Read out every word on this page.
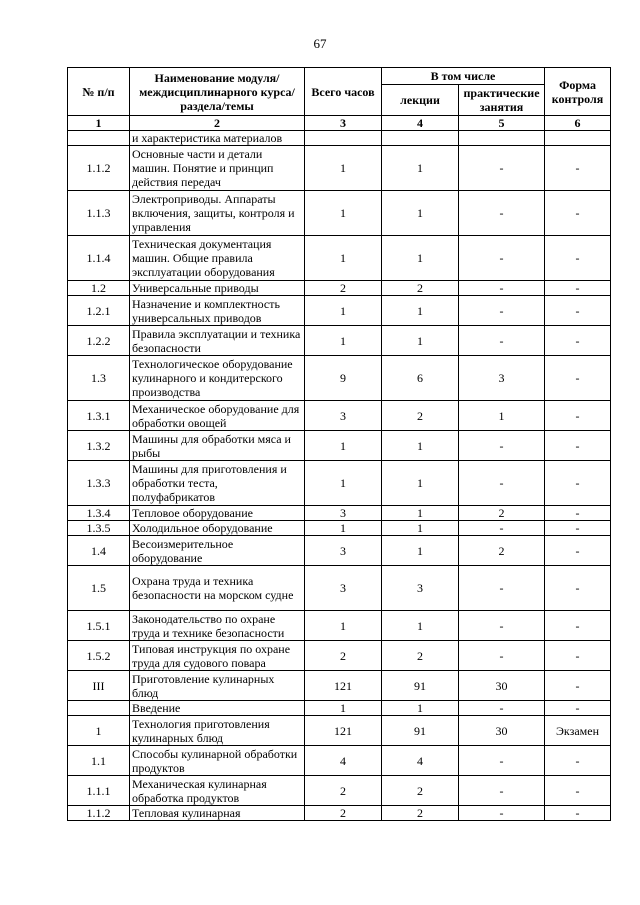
67
№ п/п	Наименование модуля/междисциплинарного курса/раздела/темы	Всего часов	В том числе		Форма контроля
			лекции	практические занятия	
1	2	3	4	5	6
	и характеристика материалов				
1.1.2	Основные части и детали машин. Понятие и принцип действия передач	1	1	-	-
1.1.3	Электроприводы. Аппараты включения, защиты, контроля и управления	1	1	-	-
1.1.4	Техническая документация машин. Общие правила эксплуатации оборудования	1	1	-	-
1.2	Универсальные приводы	2	2	-	-
1.2.1	Назначение и комплектность универсальных приводов	1	1	-	-
1.2.2	Правила эксплуатации и техника безопасности	1	1	-	-
1.3	Технологическое оборудование кулинарного и кондитерского производства	9	6	3	-
1.3.1	Механическое оборудование для обработки овощей	3	2	1	-
1.3.2	Машины для обработки мяса и рыбы	1	1	-	-
1.3.3	Машины для приготовления и обработки теста, полуфабрикатов	1	1	-	-
1.3.4	Тепловое оборудование	3	1	2	-
1.3.5	Холодильное оборудование	1	1	-	-
1.4	Весоизмерительное оборудование	3	1	2	-
1.5	Охрана труда и техника безопасности на морском судне	3	3	-	-
1.5.1	Законодательство по охране труда и технике безопасности	1	1	-	-
1.5.2	Типовая инструкция по охране труда для судового повара	2	2	-	-
III	Приготовление кулинарных блюд	121	91	30	-
	Введение	1	1	-	-
1	Технология приготовления кулинарных блюд	121	91	30	Экзамен
1.1	Способы кулинарной обработки продуктов	4	4	-	-
1.1.1	Механическая кулинарная обработка продуктов	2	2	-	-
1.1.2	Тепловая кулинарная	2	2	-	-
